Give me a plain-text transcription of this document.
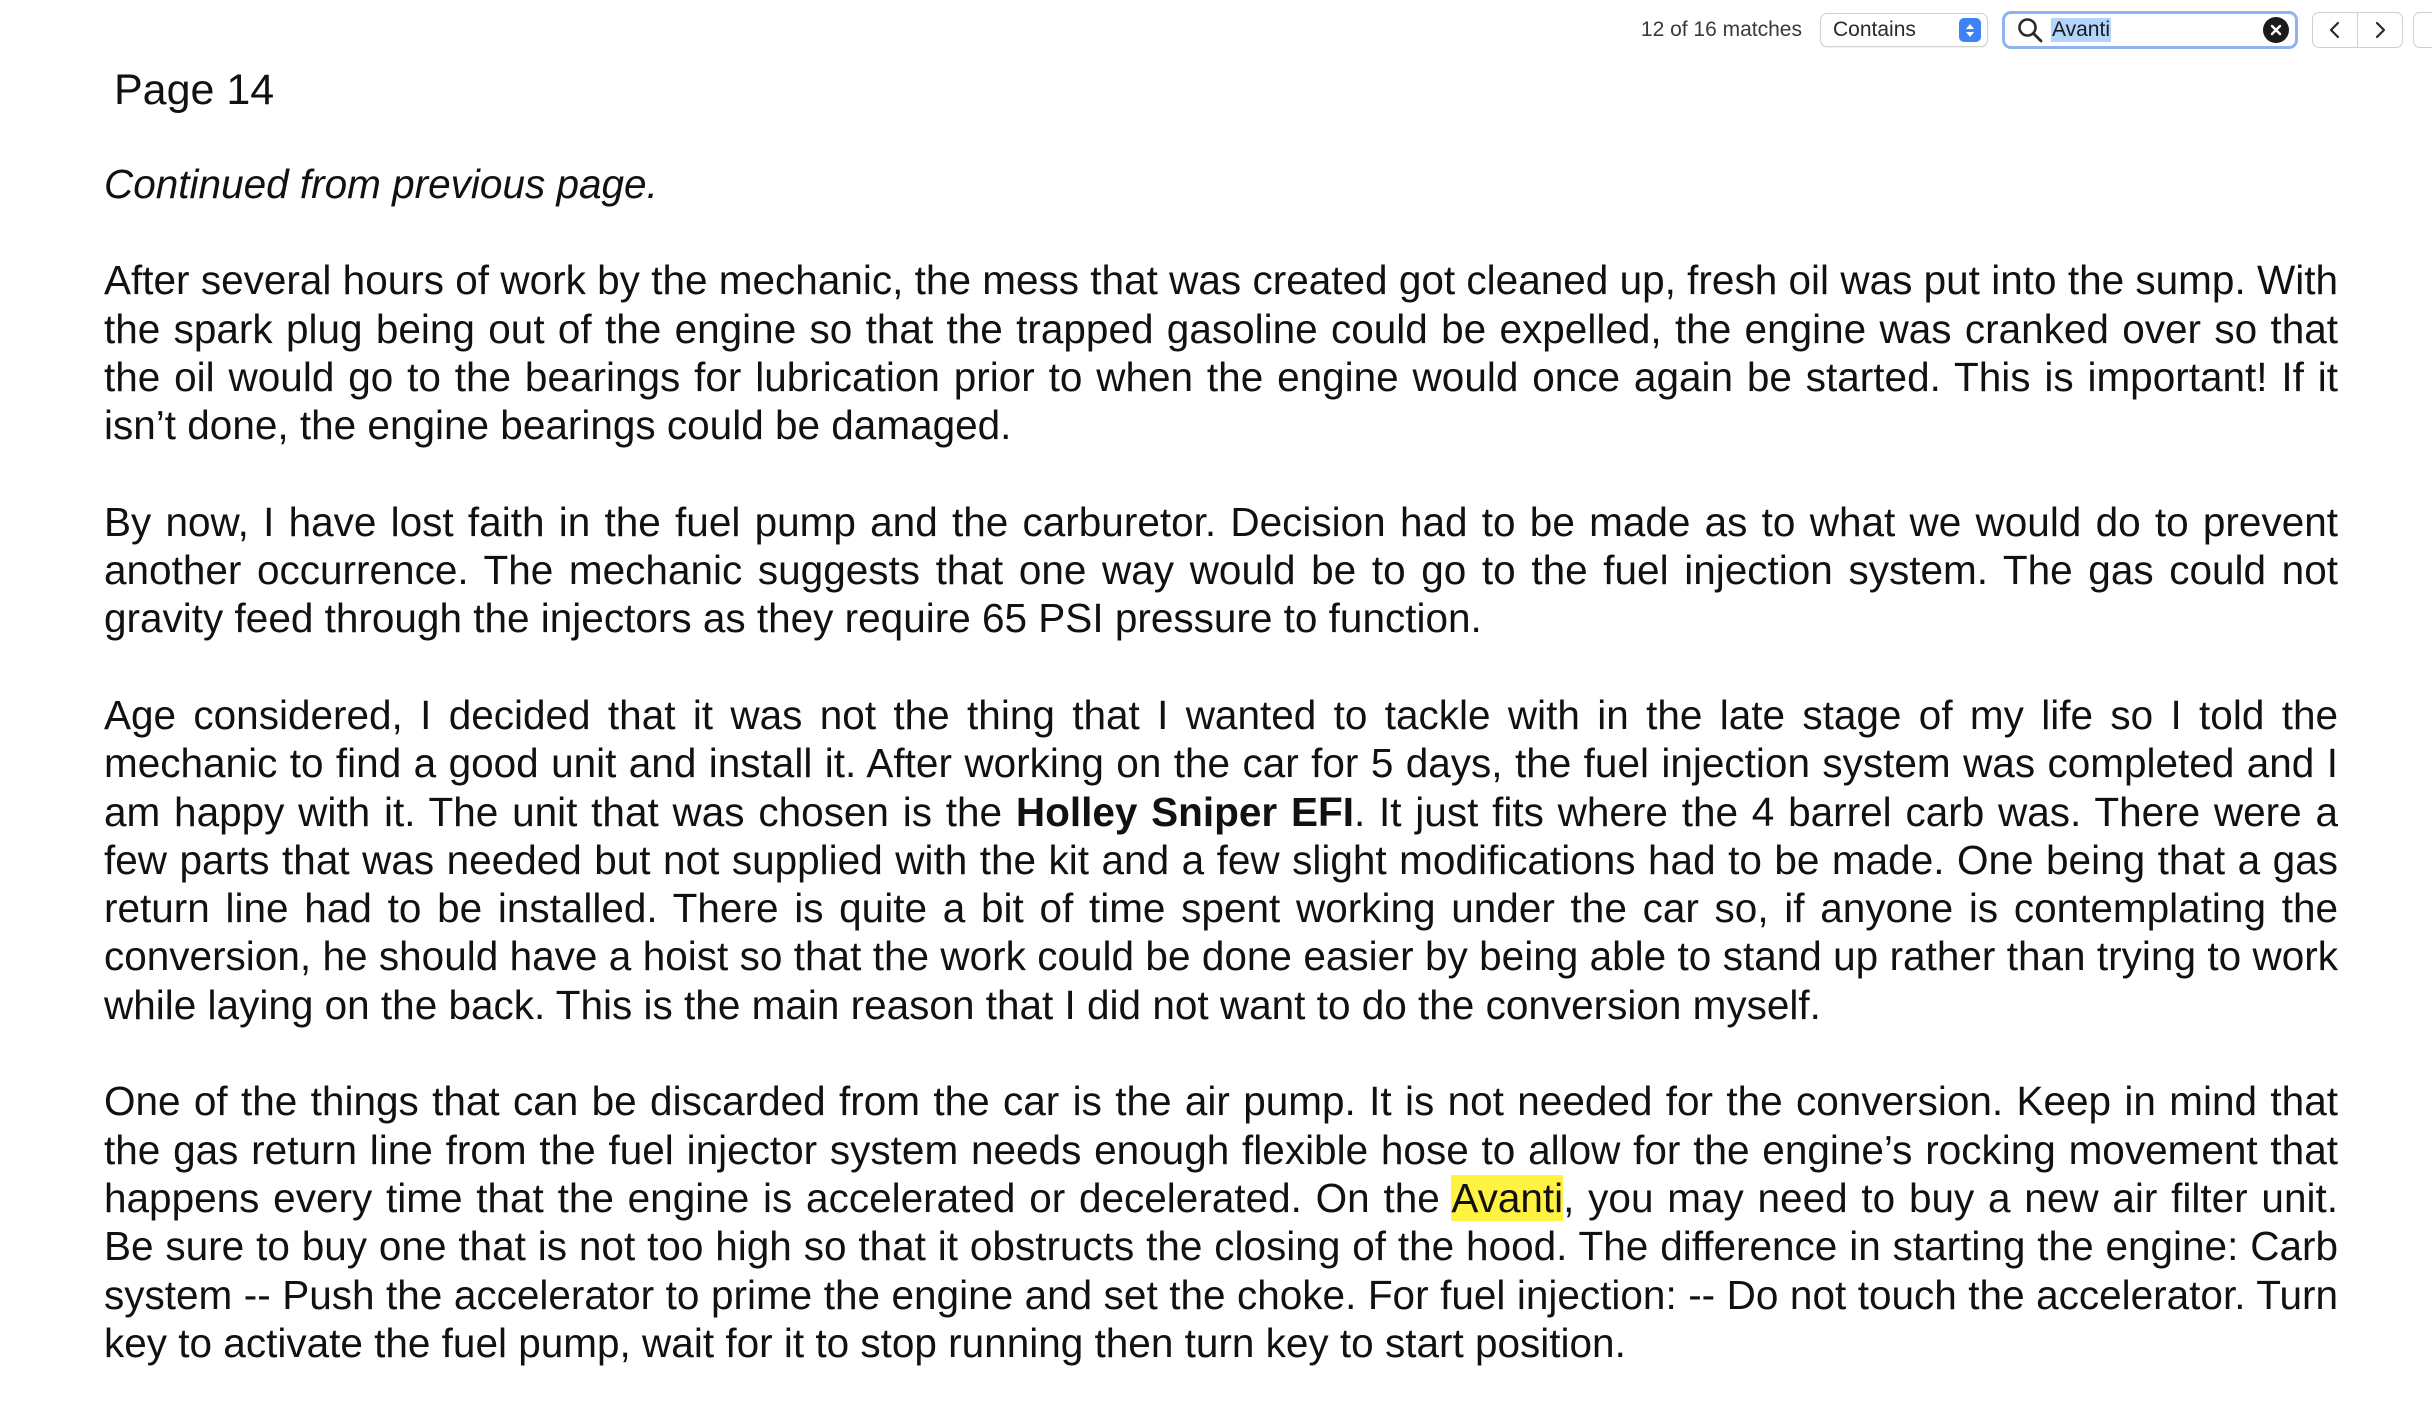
12 of 16 matches Contains	Avanti
Page 14
Continued from previous page.

After several hours of work by the mechanic, the mess that was created got cleaned up, fresh oil was put into the sump. With the spark plug being out of the engine so that the trapped gasoline could be expelled, the engine was cranked over so that the oil would go to the bearings for lubrication prior to when the engine would once again be started. This is important! If it isn’t done, the engine bearings could be damaged.

By now, I have lost faith in the fuel pump and the carburetor. Decision had to be made as to what we would do to prevent another occurrence. The mechanic suggests that one way would be to go to the fuel injection system. The gas could not gravity feed through the injectors as they require 65 PSI pressure to function.

Age considered, I decided that it was not the thing that I wanted to tackle with in the late stage of my life so I told the mechanic to find a good unit and install it. After working on the car for 5 days, the fuel injection system was completed and I am happy with it. The unit that was chosen is the Holley Sniper EFI. It just fits where the 4 barrel carb was. There were a few parts that was needed but not supplied with the kit and a few slight modifications had to be made. One being that a gas return line had to be installed. There is quite a bit of time spent working under the car so, if anyone is contemplating the conversion, he should have a hoist so that the work could be done easier by being able to stand up rather than trying to work while laying on the back. This is the main reason that I did not want to do the conversion myself.

One of the things that can be discarded from the car is the air pump. It is not needed for the conversion. Keep in mind that the gas return line from the fuel injector system needs enough flexible hose to allow for the engine’s rocking movement that happens every time that the engine is accelerated or decelerated. On the Avanti, you may need to buy a new air filter unit. Be sure to buy one that is not too high so that it obstructs the closing of the hood. The difference in starting the engine: Carb system -- Push the accelerator to prime the engine and set the choke. For fuel injection: -- Do not touch the accelerator. Turn key to activate the fuel pump, wait for it to stop running then turn key to start position.
